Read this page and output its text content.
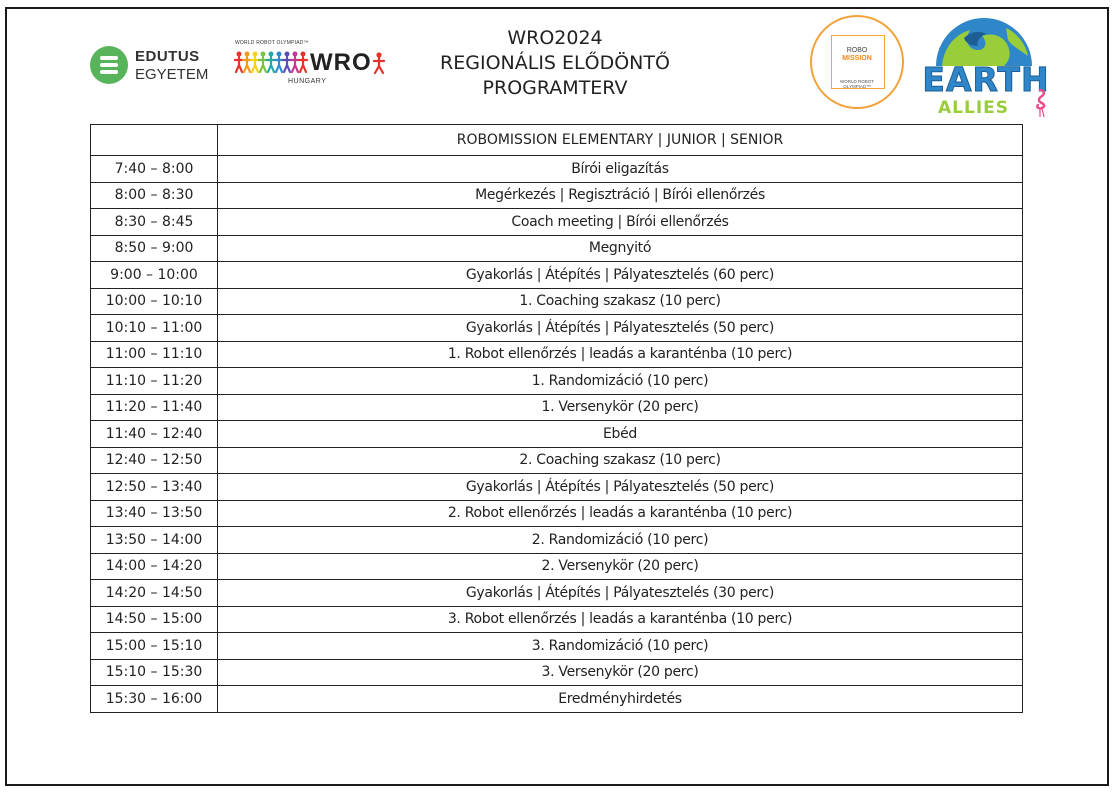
EDUTUS
EGYETEM
WORLD ROBOT OLYMPIAD™
WRO
HUNGARY
WRO2024
REGIONÁLIS ELŐDÖNTŐ
PROGRAMTERV
ROBO
MISSION
WORLD ROBOT
OLYMPIAD™	EARTH
ALLIES
	ROBOMISSION ELEMENTARY | JUNIOR | SENIOR
7:40 – 8:00	Bírói eligazítás
8:00 – 8:30	Megérkezés | Regisztráció | Bírói ellenőrzés
8:30 – 8:45	Coach meeting | Bírói ellenőrzés
8:50 – 9:00	Megnyitó
9:00 – 10:00	Gyakorlás | Átépítés | Pályatesztelés (60 perc)
10:00 – 10:10	1. Coaching szakasz (10 perc)
10:10 – 11:00	Gyakorlás | Átépítés | Pályatesztelés (50 perc)
11:00 – 11:10	1. Robot ellenőrzés | leadás a karanténba (10 perc)
11:10 – 11:20	1. Randomizáció (10 perc)
11:20 – 11:40	1. Versenykör (20 perc)
11:40 – 12:40	Ebéd
12:40 – 12:50	2. Coaching szakasz (10 perc)
12:50 – 13:40	Gyakorlás | Átépítés | Pályatesztelés (50 perc)
13:40 – 13:50	2. Robot ellenőrzés | leadás a karanténba (10 perc)
13:50 – 14:00	2. Randomizáció (10 perc)
14:00 – 14:20	2. Versenykör (20 perc)
14:20 – 14:50	Gyakorlás | Átépítés | Pályatesztelés (30 perc)
14:50 – 15:00	3. Robot ellenőrzés | leadás a karanténba (10 perc)
15:00 – 15:10	3. Randomizáció (10 perc)
15:10 – 15:30	3. Versenykör (20 perc)
15:30 – 16:00	Eredményhirdetés
